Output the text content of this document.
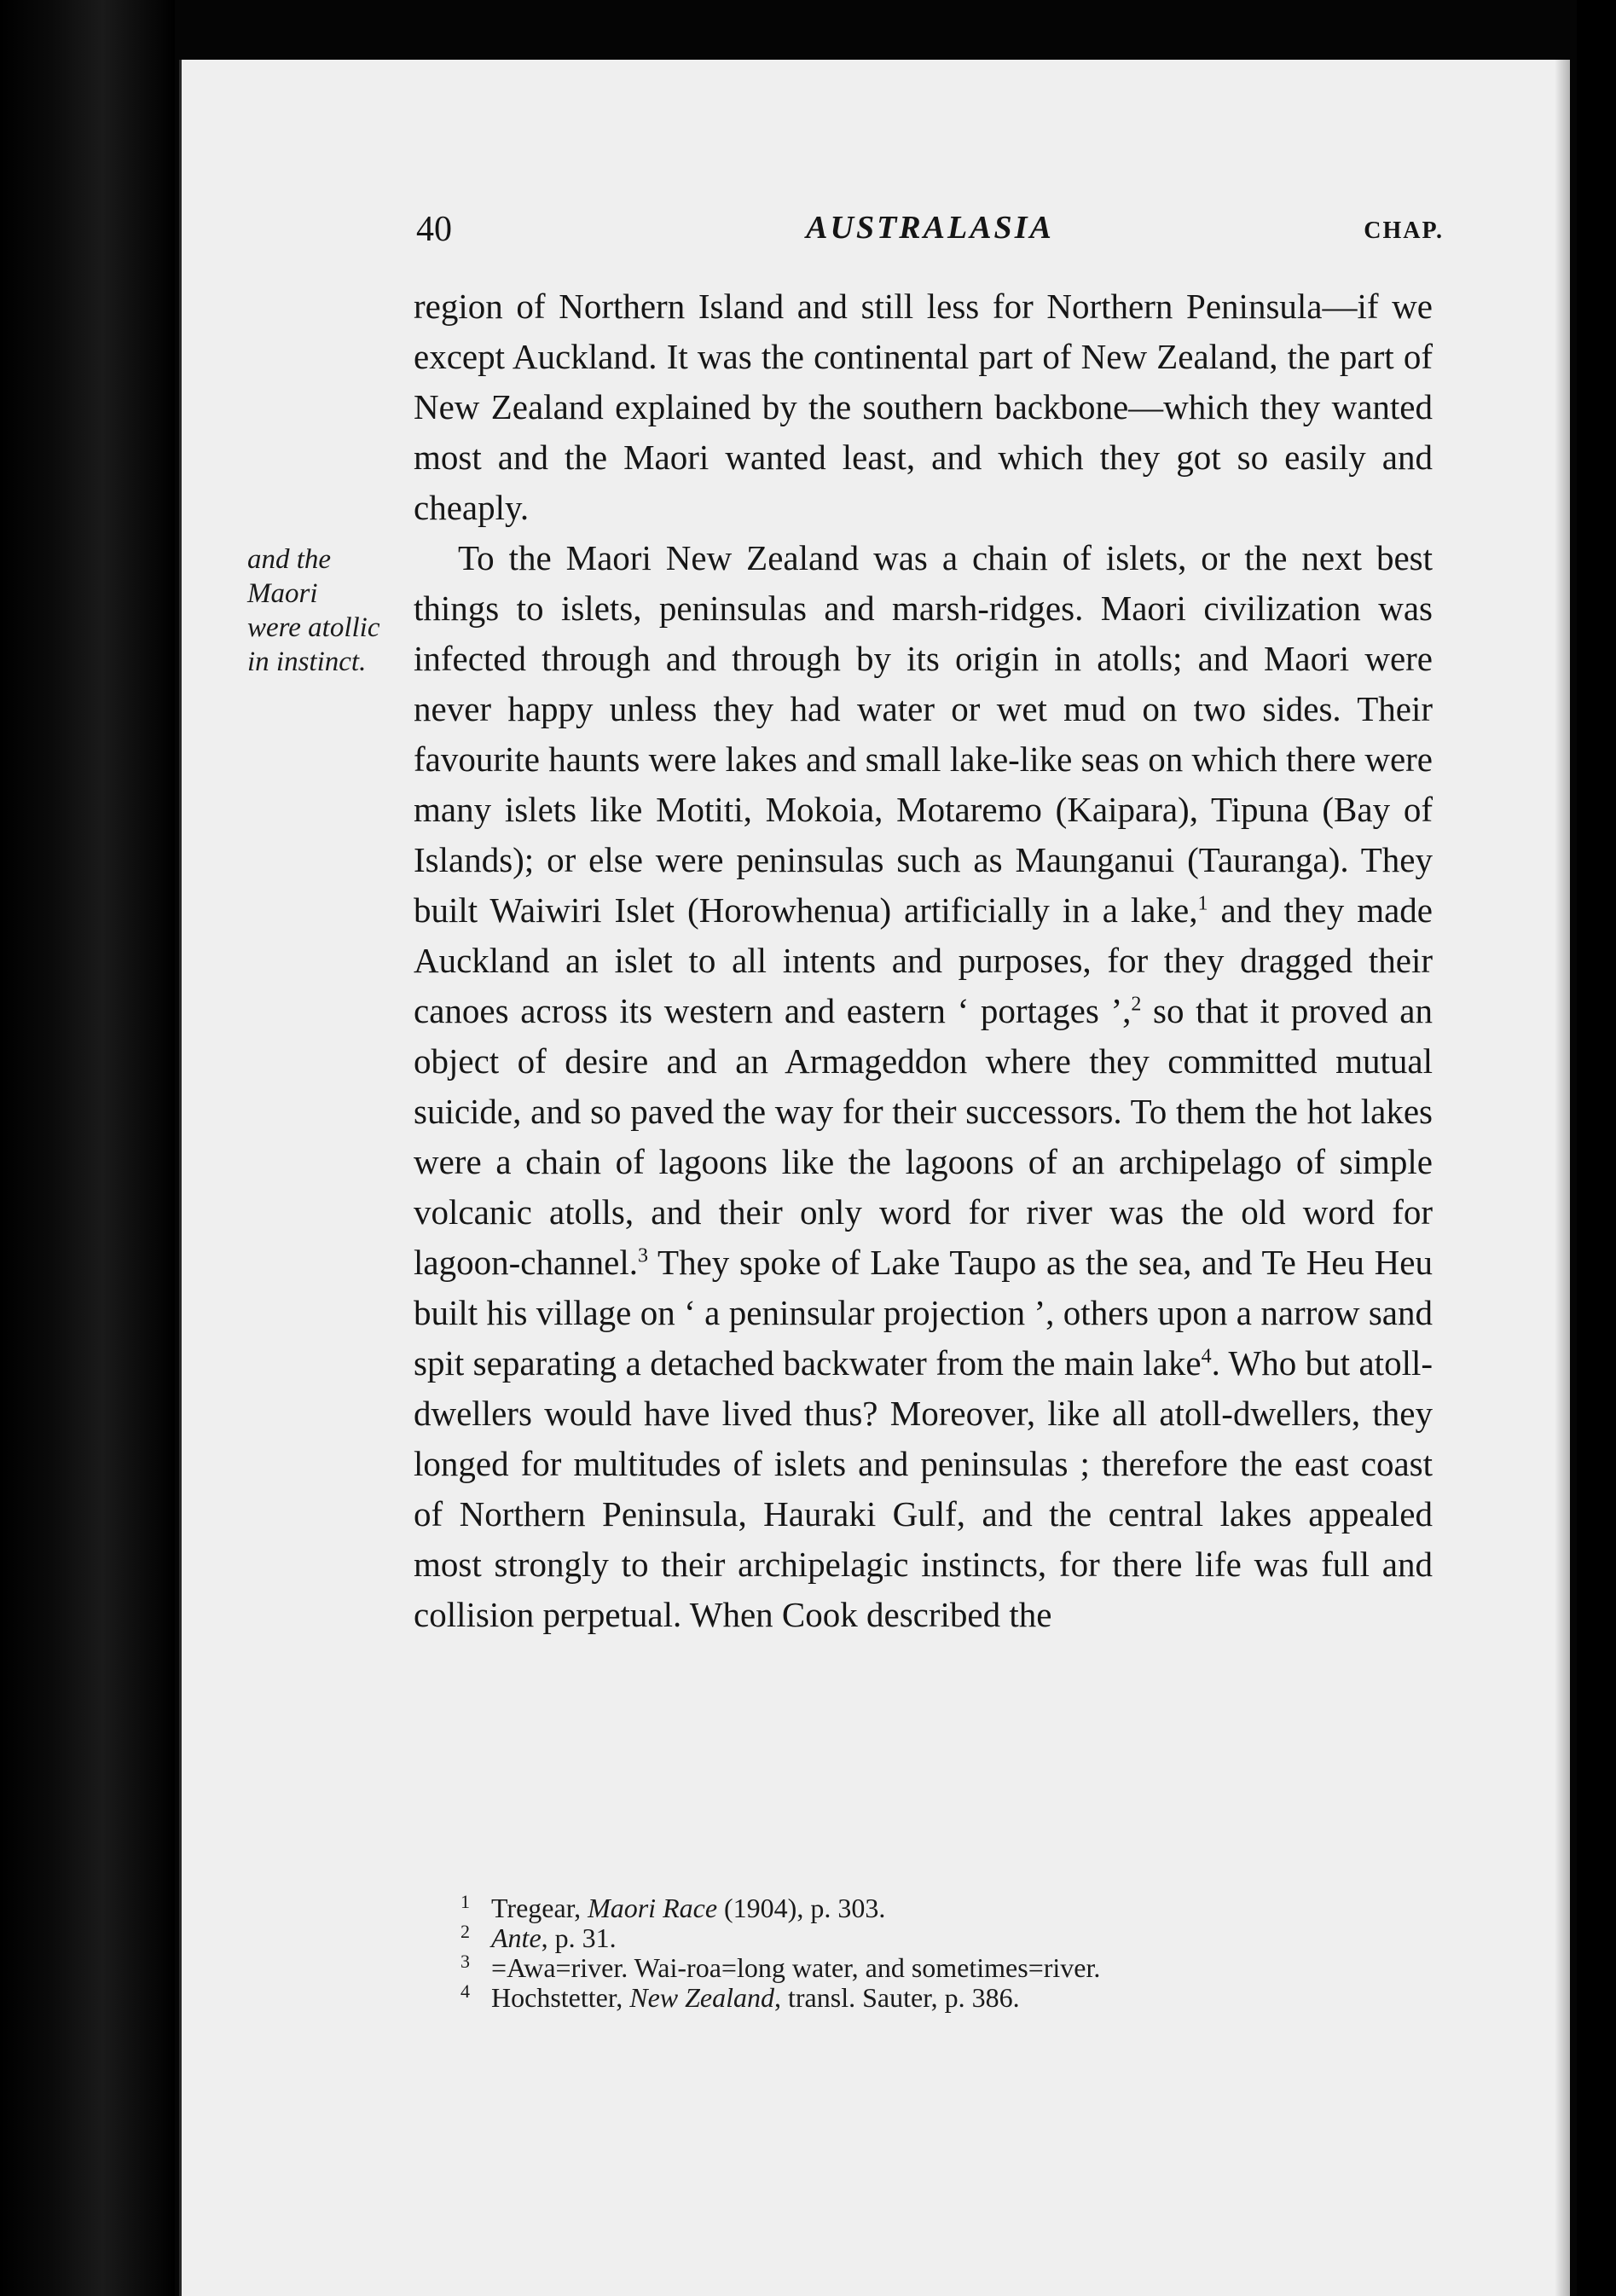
40	AUSTRALASIA	CHAP.
and the
Maori
were atollic
in instinct.

region of Northern Island and still less for Northern Peninsula—if we except Auckland. It was the continental part of New Zealand, the part of New Zealand explained by the southern backbone—which they wanted most and the Maori wanted least, and which they got so easily and cheaply.

To the Maori New Zealand was a chain of islets, or the next best things to islets, peninsulas and marsh-ridges. Maori civilization was infected through and through by its origin in atolls; and Maori were never happy unless they had water or wet mud on two sides. Their favourite haunts were lakes and small lake-like seas on which there were many islets like Motiti, Mokoia, Motaremo (Kaipara), Tipuna (Bay of Islands); or else were peninsulas such as Maunganui (Tauranga). They built Waiwiri Islet (Horowhenua) artificially in a lake,$^1$ and they made Auckland an islet to all intents and purposes, for they dragged their canoes across its western and eastern ‘ portages ’,$^2$ so that it proved an object of desire and an Armageddon where they committed mutual suicide, and so paved the way for their successors. To them the hot lakes were a chain of lagoons like the lagoons of an archipelago of simple volcanic atolls, and their only word for river was the old word for lagoon-channel.$^3$ They spoke of Lake Taupo as the sea, and Te Heu Heu built his village on ‘ a peninsular projection ’, others upon a narrow sand spit separating a detached backwater from the main lake$^4$. Who but atoll-dwellers would have lived thus? Moreover, like all atoll-dwellers, they longed for multitudes of islets and peninsulas ; therefore the east coast of Northern Peninsula, Hauraki Gulf, and the central lakes appealed most strongly to their archipelagic instincts, for there life was full and collision perpetual. When Cook described the

1 Tregear, Maori Race (1904), p. 303.
2 Ante, p. 31.
3 =Awa=river. Wai-roa=long water, and sometimes=river.
4 Hochstetter, New Zealand, transl. Sauter, p. 386.
